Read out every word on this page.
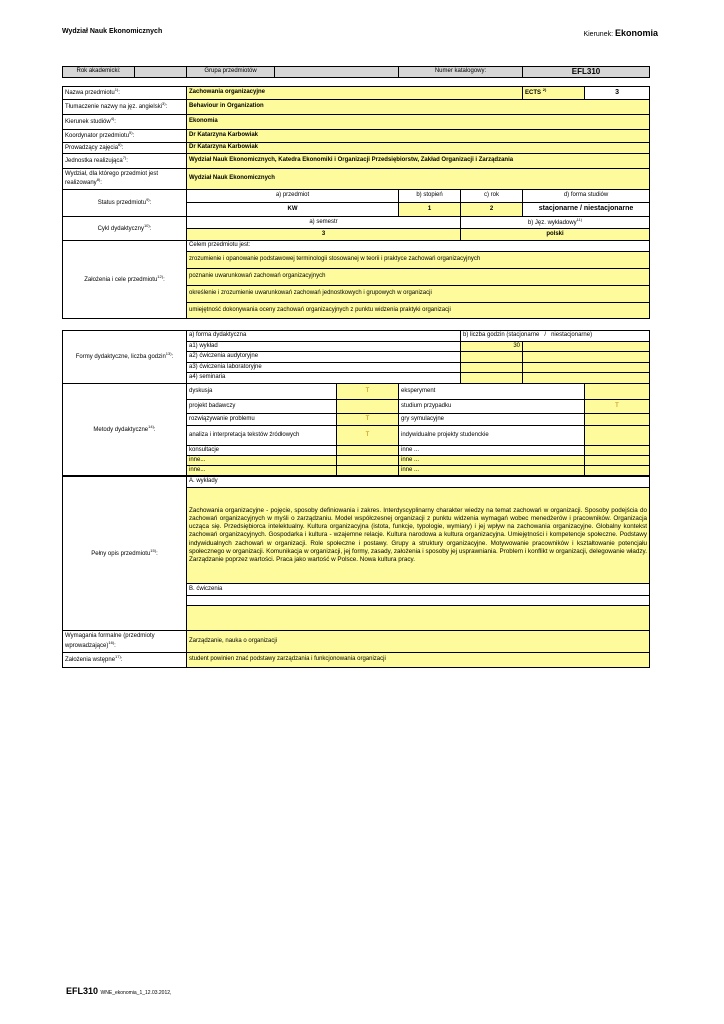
Wydział Nauk Ekonomicznych	Kierunek: Ekonomia
Rok akademicki:		Grupa przedmiotów		Numer katalogowy:	EFL310
Nazwa przedmiotu$^{1)}$:	Zachowania organizacyjne			ECTS $^{2)}$	3
Tłumaczenie nazwy na jęz. angielski$^{3)}$:	Behaviour in Organization				
Kierunek studiów$^{4)}$:	Ekonomia				
Koordynator przedmiotu$^{5)}$:	Dr Katarzyna Karbowiak				
Prowadzący zajęcia$^{6)}$:	Dr Katarzyna Karbowiak				
Jednostka realizująca$^{7)}$:	Wydział Nauk Ekonomicznych, Katedra Ekonomiki i Organizacji Przedsiębiorstw, Zakład Organizacji i Zarządzania				
Wydział, dla którego przedmiot jest realizowany$^{8)}$:	Wydział Nauk Ekonomicznych				
Status przedmiotu$^{9)}$:	a) przedmiot	b) stopień	c) rok	d) forma studiów	
	KW	1	2	stacjonarne / niestacjonarne	
Cykl dydaktyczny$^{10)}$:	a) semestr		b) Jęz. wykładowy$^{11)}$
	3		polski		
Założenia i cele przedmiotu$^{12)}$:	Celem przedmiotu jest:				
	zrozumienie i opanowanie podstawowej terminologii stosowanej w teorii i praktyce zachowań organizacyjnych				
	poznanie uwarunkowań zachowań organizacyjnych				
	określenie i zrozumienie uwarunkowań zachowań jednostkowych i grupowych w organizacji				
	umiejętność dokonywania oceny zachowań organizacyjnych z punktu widzenia praktyki organizacji				
Formy dydaktyczne, liczba godzin$^{13)}$:	a) forma dydaktyczna	b) liczba godzin (stacjonarne / niestacjonarne)	
	a1) wykład	30	
	a2) ćwiczenia audytoryjne		
	a3) ćwiczenia laboratoryjne		
	a4) seminaria		
Metody dydaktyczne$^{14)}$:	dyskusja	T	eksperyment	
	projekt badawczy		studium przypadku	T
	rozwiązywanie problemu	T	gry symulacyjne	
	analiza i interpretacja tekstów źródłowych	T	indywidualne projekty studenckie	
	konsultacje		inne ...	
	inne...		inne ...	
	inne...		inne ...	
Pełny opis przedmiotu$^{15)}$:	A. wykłady
	Zachowania organizacyjne - pojęcie, sposoby definiowania i zakres. Interdyscyplinarny charakter wiedzy na temat zachowań w organizacji. Sposoby podejścia do zachowań organizacyjnych w myśli o zarządzaniu. Model współczesnej organizacji z punktu widzenia wymagań wobec menedżerów i pracowników. Organizacja ucząca się. Przedsiębiorca intelektualny. Kultura organizacyjna (istota, funkcje, typologie, wymiary) i jej wpływ na zachowania organizacyjne. Globalny kontekst zachowań organizacyjnych. Gospodarka i kultura - wzajemne relacje. Kultura narodowa a kultura organizacyjna. Umiejętności i kompetencje społeczne. Podstawy indywidualnych zachowań w organizacji. Role społeczne i postawy. Grupy a struktury organizacyjne. Motywowanie pracowników i kształtowanie potencjału społecznego w organizacji. Komunikacja w organizacji, jej formy, zasady, założenia i sposoby jej usprawniania. Problem i konflikt w organizacji, delegowanie władzy. Zarządzanie poprzez wartości. Praca jako wartość w Polsce. Nowa kultura pracy.
	B. ćwiczenia

Wymagania formalne (przedmioty wprowadzające)$^{16)}$:	Zarządzanie, nauka o organizacji
Założenia wstępne$^{17)}$:	student powinien znać podstawy zarządzania i funkcjonowania organizacji
EFL310 WNE_ekonomia_1_12.03.2012,
